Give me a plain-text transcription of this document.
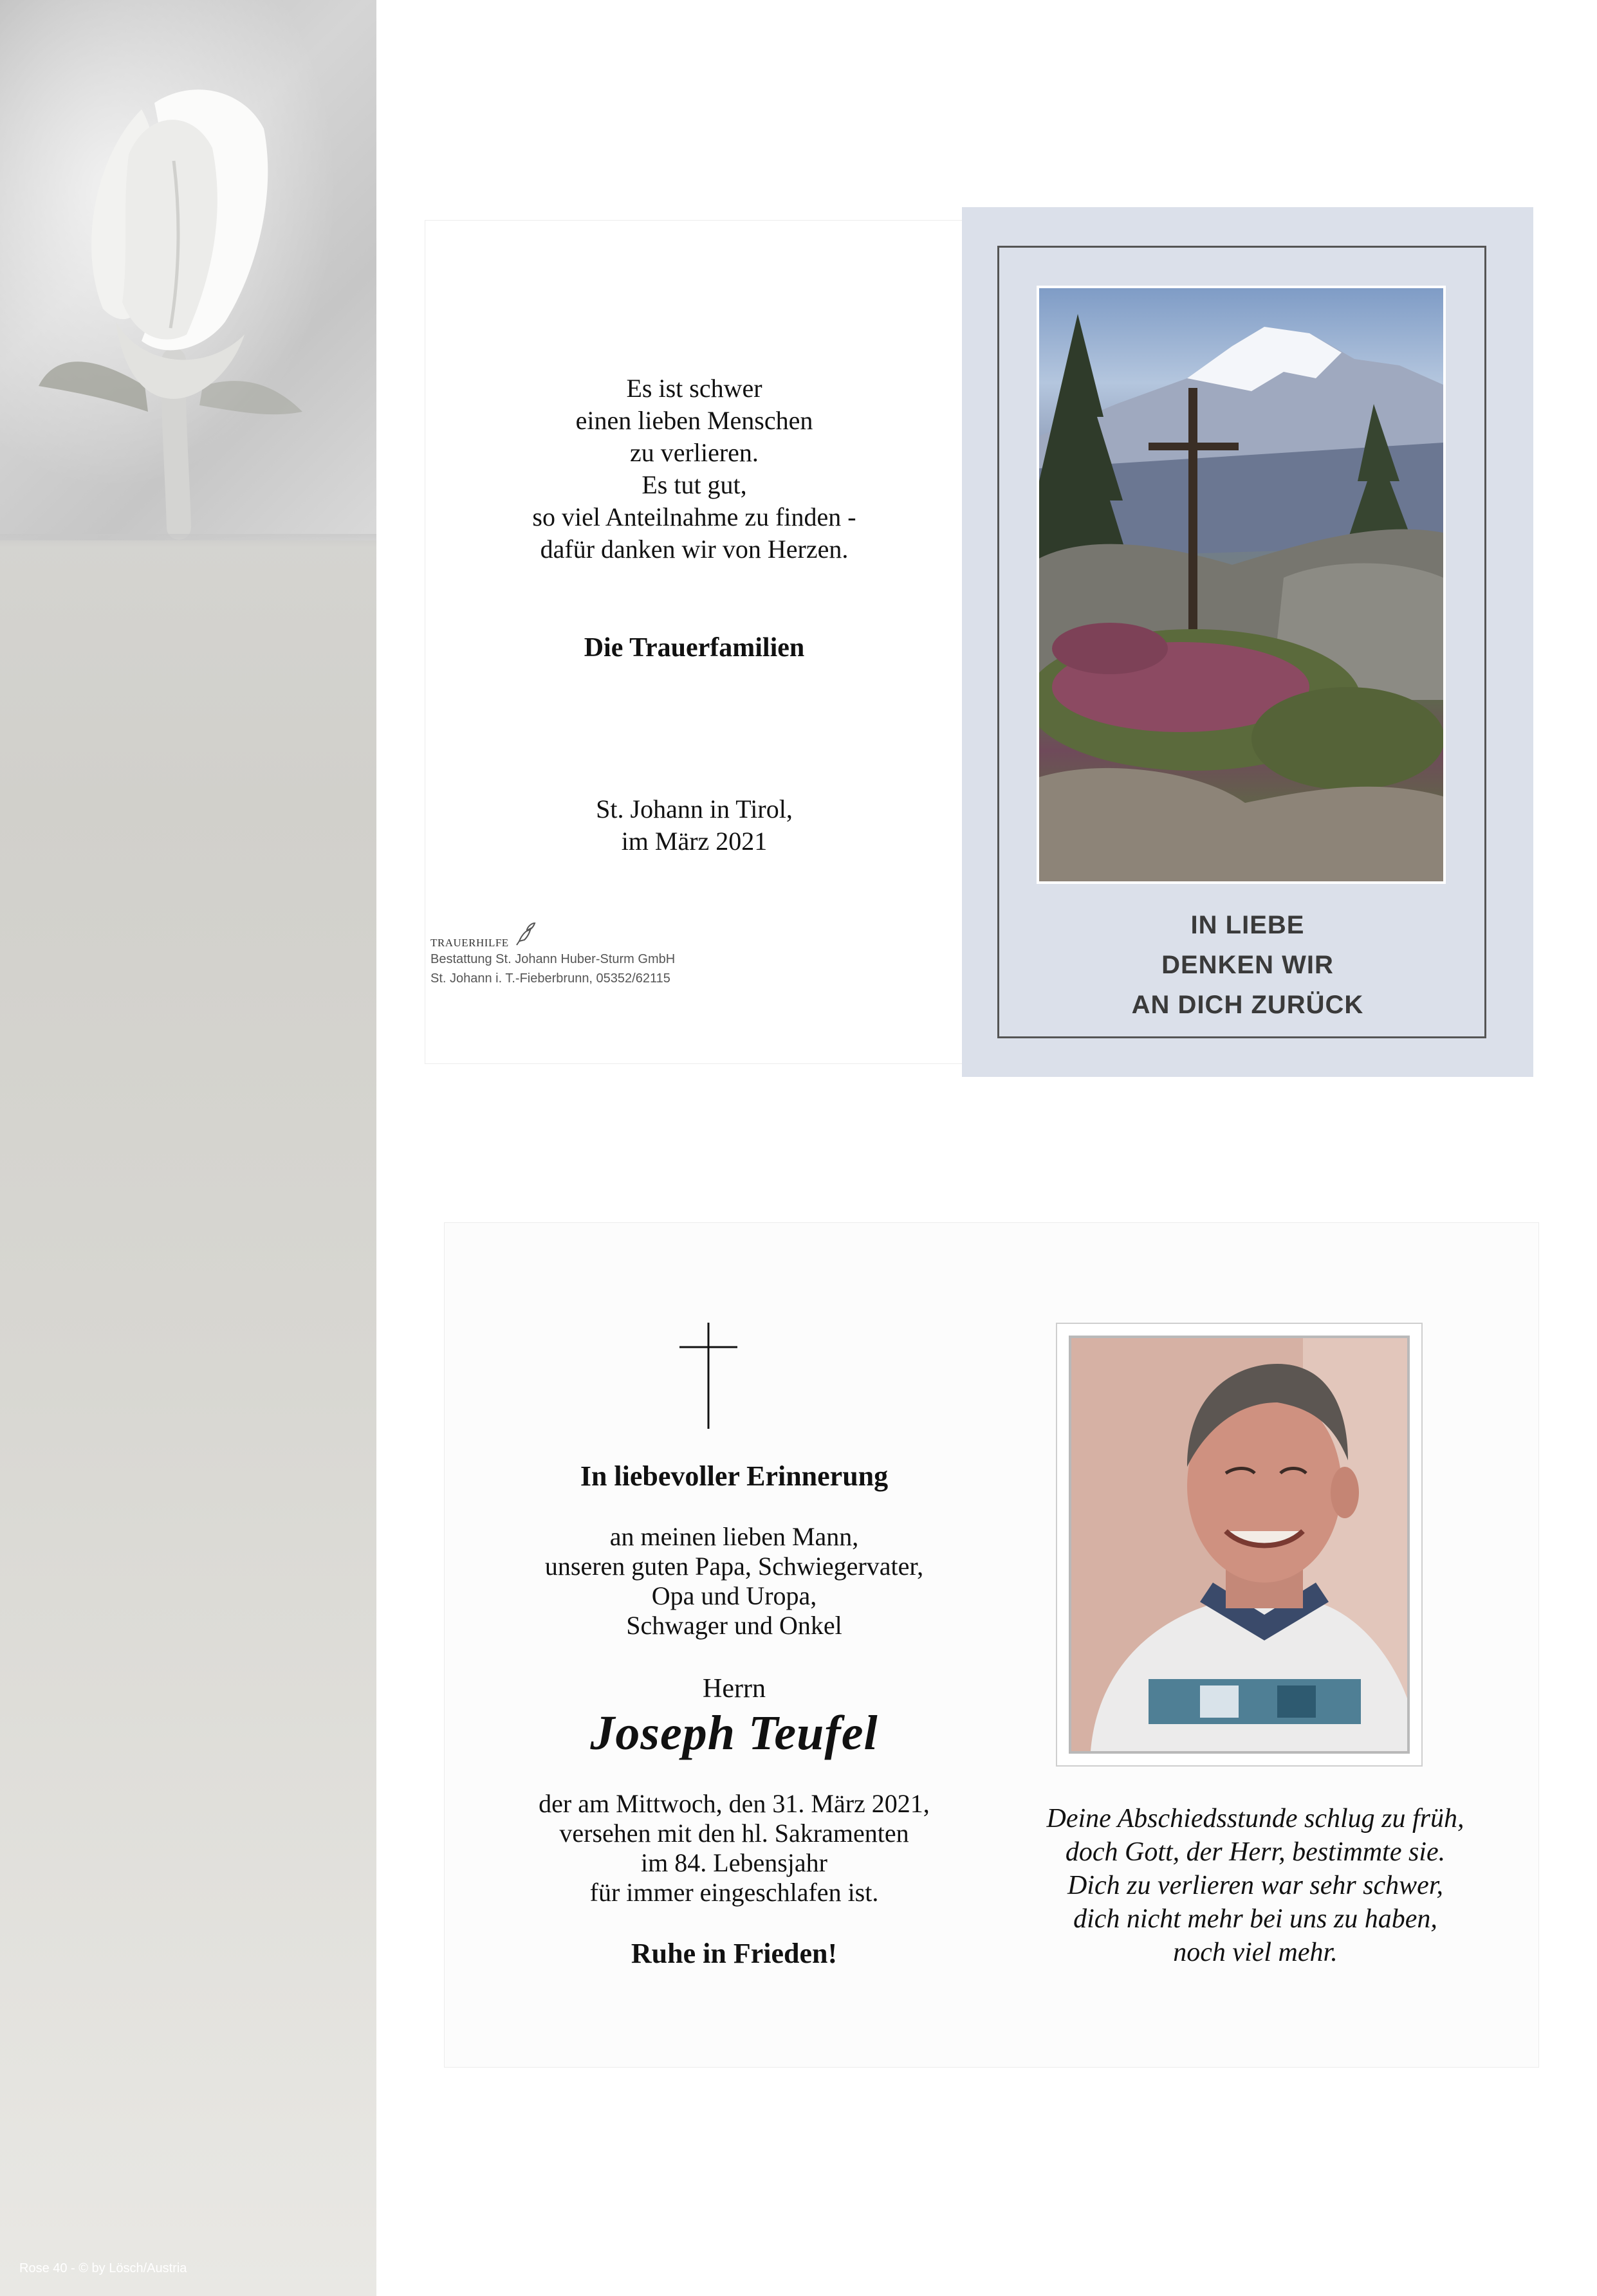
Rose 40 - © by Lösch/Austria
Es ist schwer
einen lieben Menschen
zu verlieren.
Es tut gut,
so viel Anteilnahme zu finden -
dafür danken wir von Herzen.
Die Trauerfamilien
St. Johann in Tirol,
im März 2021
TRAUERHILFE
Bestattung St. Johann Huber-Sturm GmbH
St. Johann i. T.-Fieberbrunn, 05352/62115
IN LIEBE
DENKEN WIR
AN DICH ZURÜCK
In liebevoller Erinnerung
an meinen lieben Mann,
unseren guten Papa, Schwiegervater,
Opa und Uropa,
Schwager und Onkel
Herrn
Joseph Teufel
der am Mittwoch, den 31. März 2021,
versehen mit den hl. Sakramenten
im 84. Lebensjahr
für immer eingeschlafen ist.
Ruhe in Frieden!
Deine Abschiedsstunde schlug zu früh,
doch Gott, der Herr, bestimmte sie.
Dich zu verlieren war sehr schwer,
dich nicht mehr bei uns zu haben,
noch viel mehr.
